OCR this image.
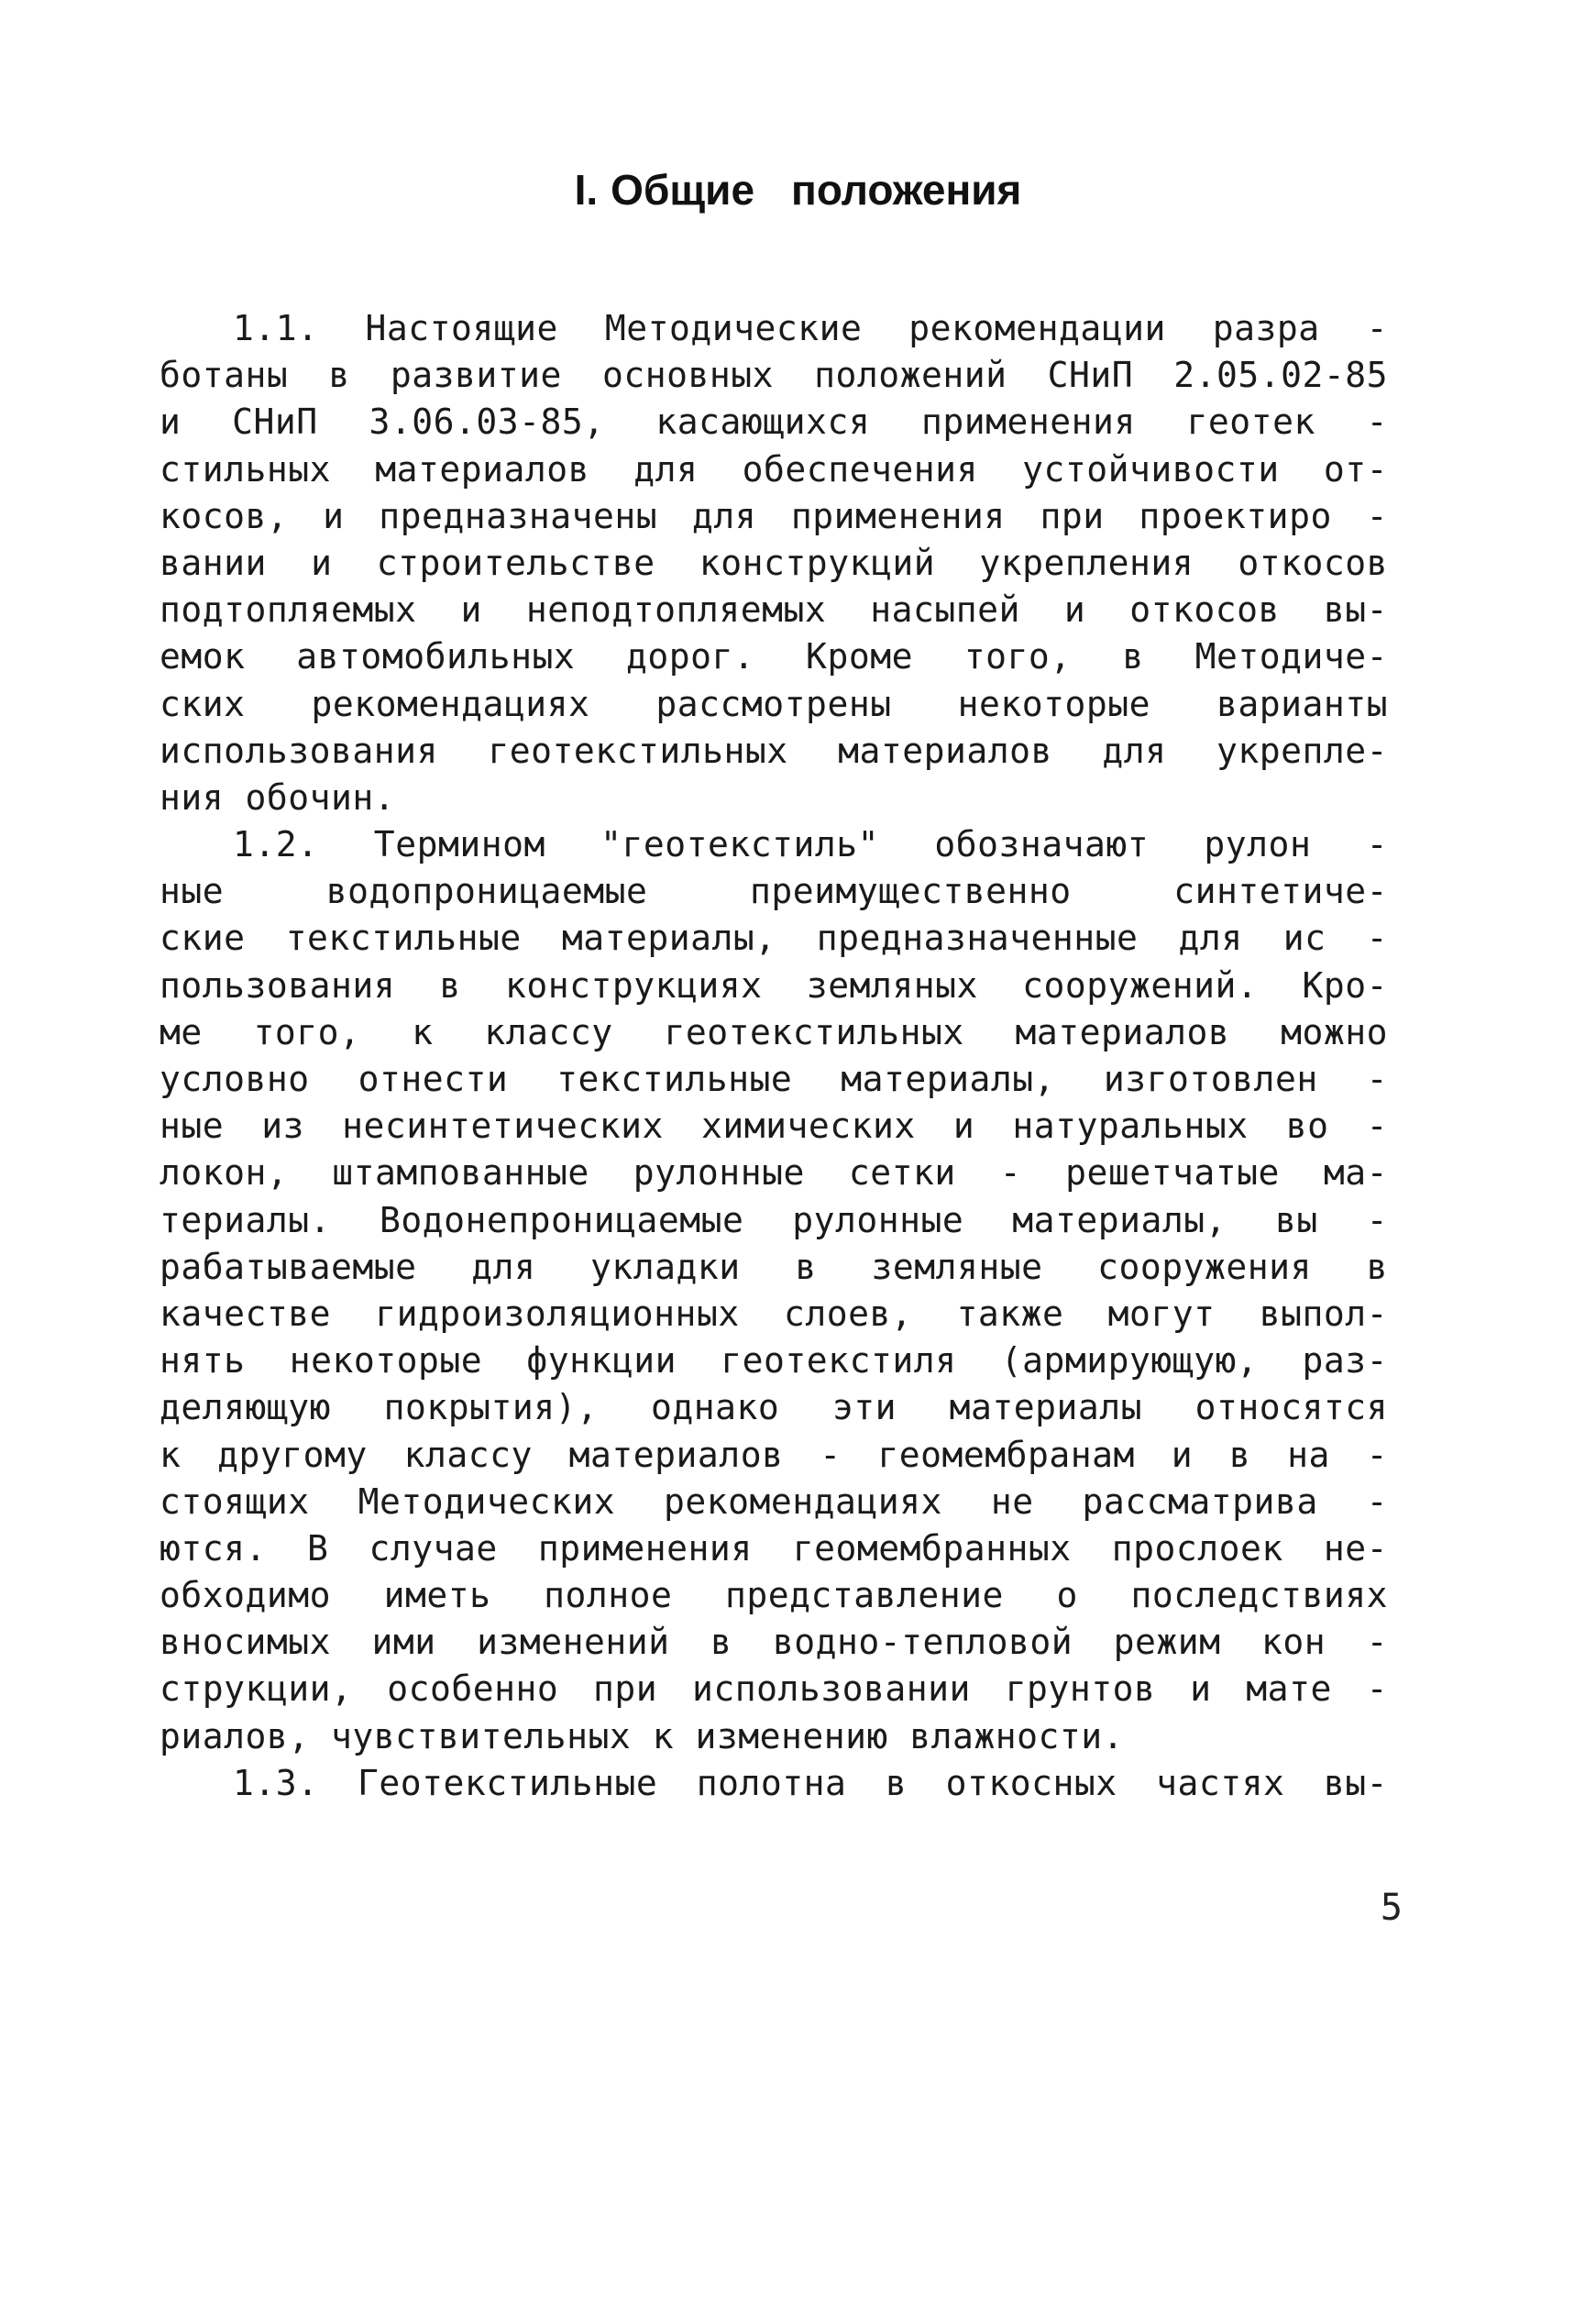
I. Общие положения
1.1. Настоящие Методические рекомендации разра -
ботаны в развитие основных положений СНиП 2.05.02-85
и СНиП 3.06.03-85, касающихся применения геотек -
стильных материалов для обеспечения устойчивости от-
косов, и предназначены для применения при проектиро -
вании и строительстве конструкций укрепления откосов
подтопляемых и неподтопляемых насыпей и откосов вы-
емок автомобильных дорог. Кроме того, в Методиче-
ских рекомендациях рассмотрены некоторые варианты
использования геотекстильных материалов для укрепле-
ния обочин.
1.2. Термином "геотекстиль" обозначают рулон -
ные водопроницаемые преимущественно синтетиче-
ские текстильные материалы, предназначенные для ис -
пользования в конструкциях земляных сооружений. Кро-
ме того, к классу геотекстильных материалов можно
условно отнести текстильные материалы, изготовлен -
ные из несинтетических химических и натуральных во -
локон, штампованные рулонные сетки - решетчатые ма-
териалы. Водонепроницаемые рулонные материалы, вы -
рабатываемые для укладки в земляные сооружения в
качестве гидроизоляционных слоев, также могут выпол-
нять некоторые функции геотекстиля (армирующую, раз-
деляющую покрытия), однако эти материалы относятся
к другому классу материалов - геомембранам и в на -
стоящих Методических рекомендациях не рассматрива -
ются. В случае применения геомембранных прослоек не-
обходимо иметь полное представление о последствиях
вносимых ими изменений в водно-тепловой режим кон -
струкции, особенно при использовании грунтов и мате -
риалов, чувствительных к изменению влажности.
1.3. Геотекстильные полотна в откосных частях вы-
5
